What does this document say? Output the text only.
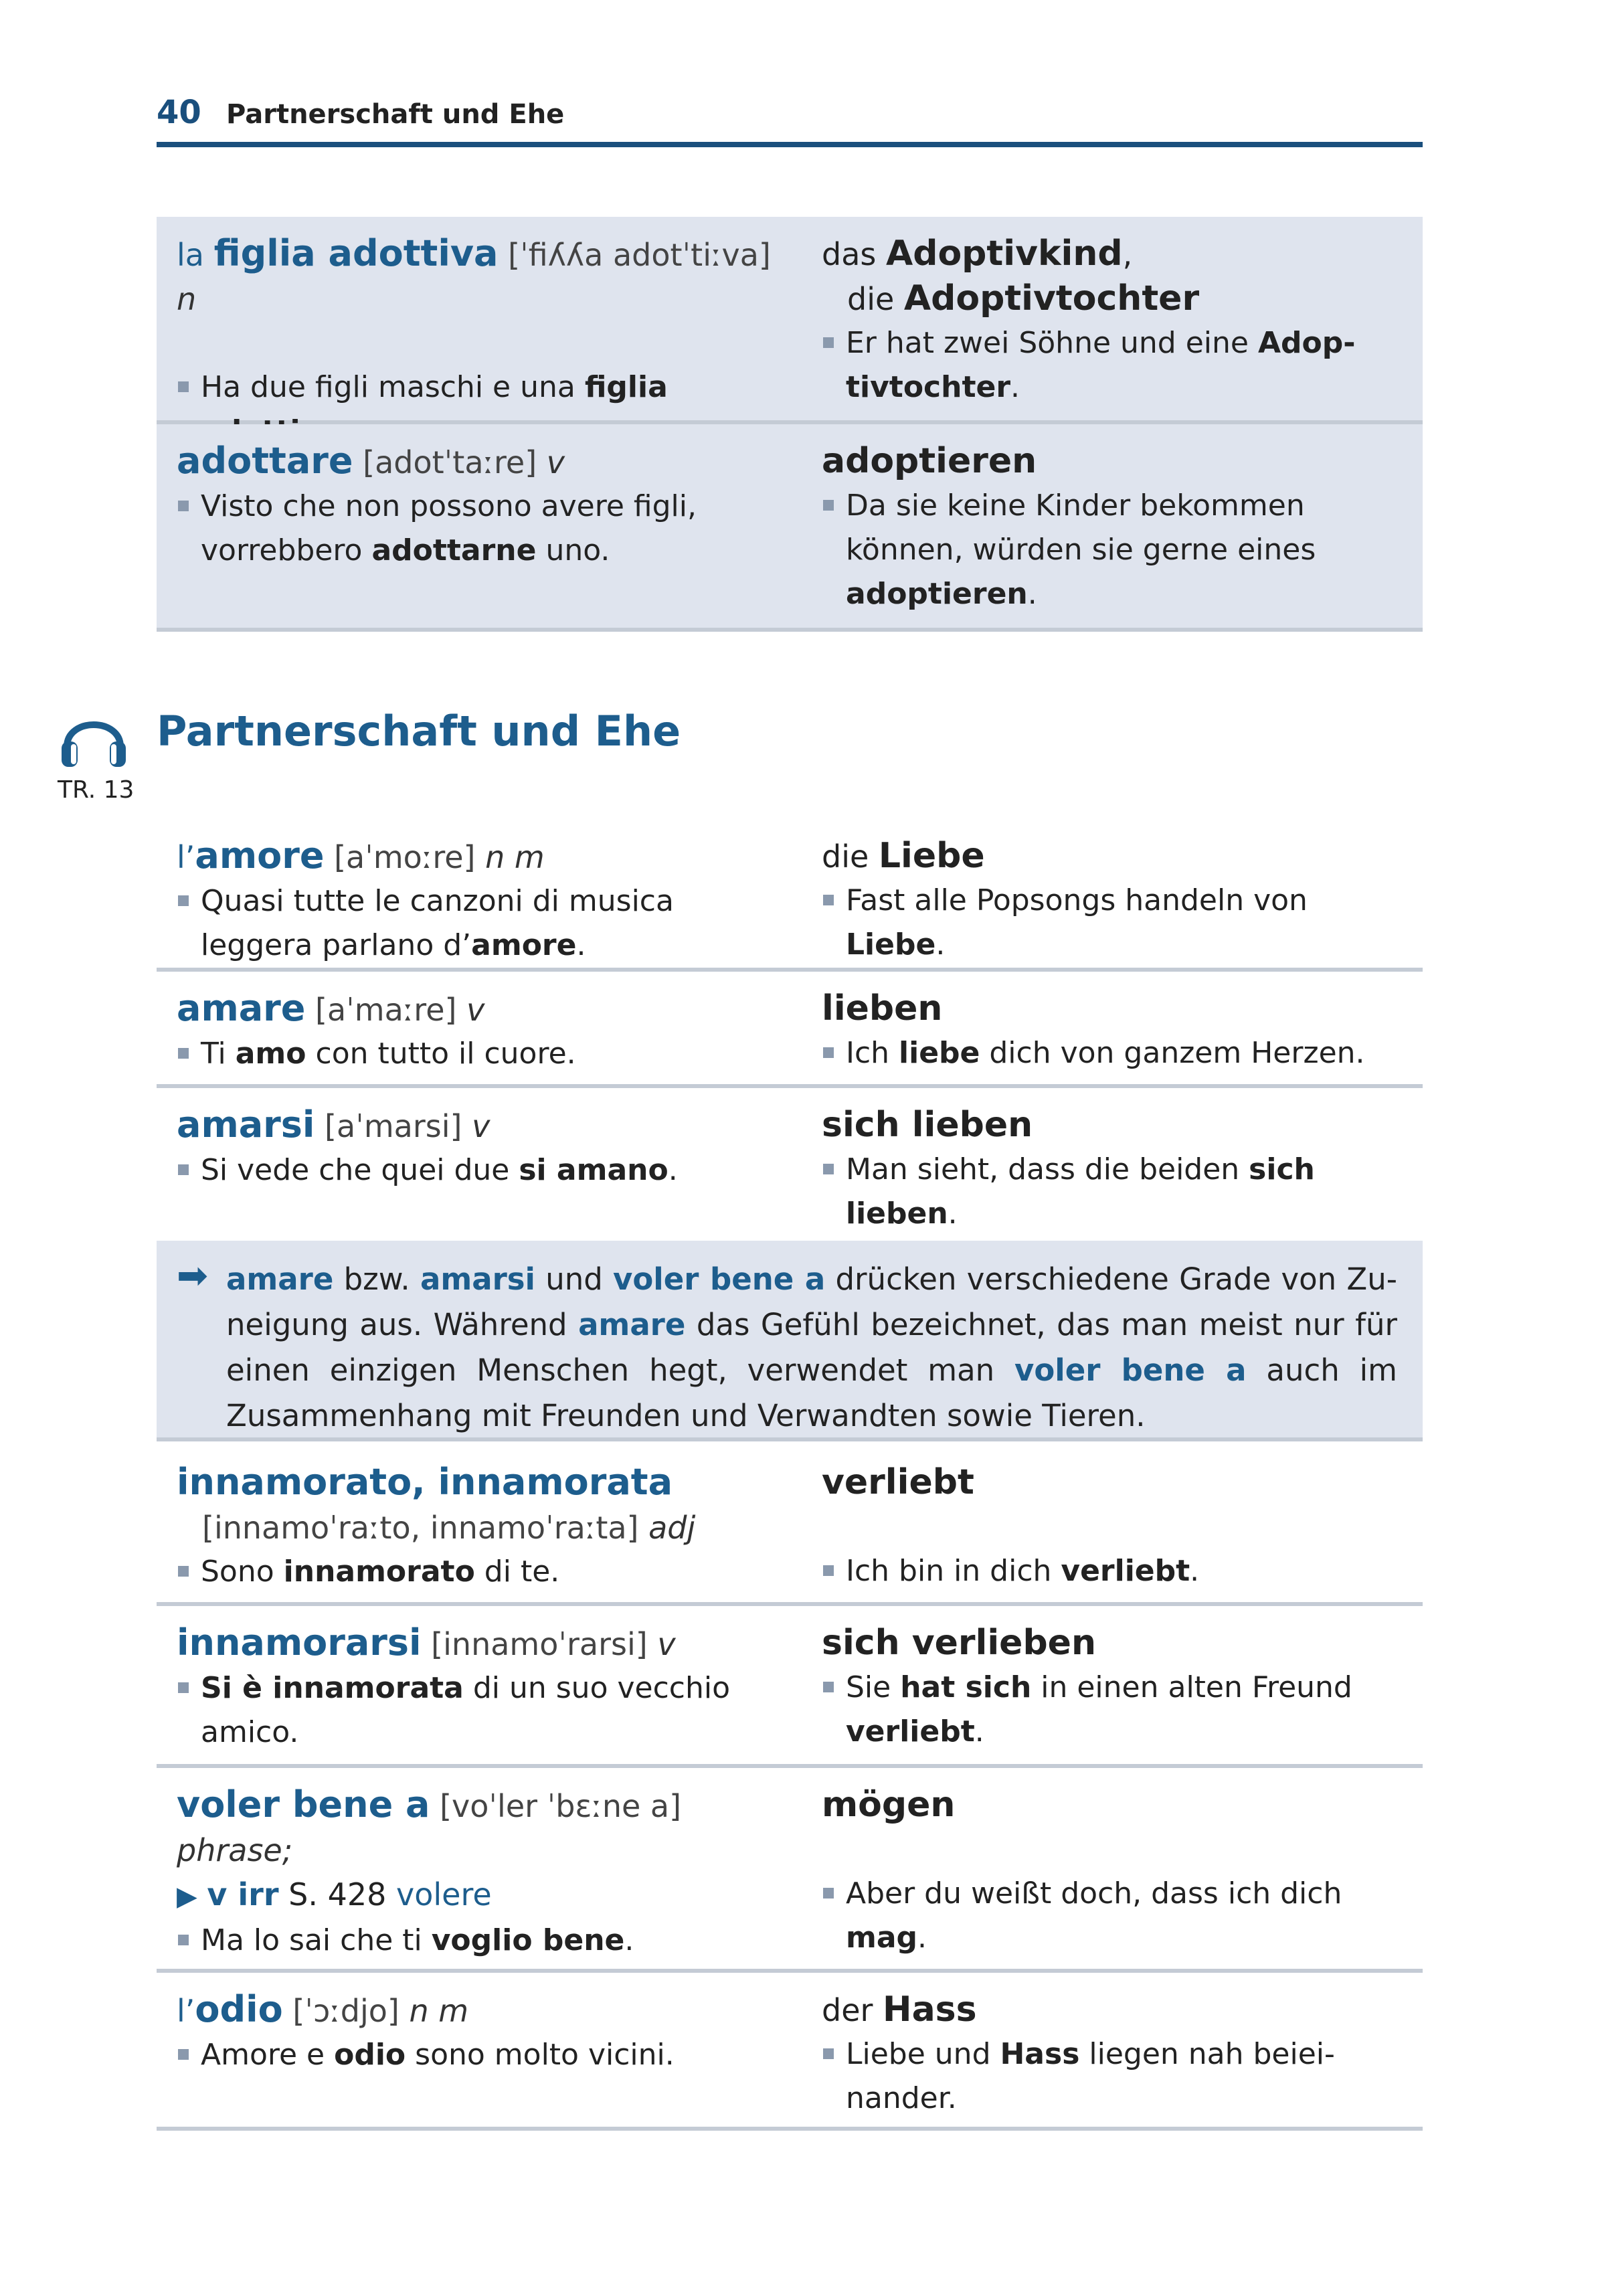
40 Partnerschaft und Ehe
la figlia adottiva [ˈfiʎʎa adotˈtiːva] n
Ha due figli maschi e una figlia
das Adoptivkind,
die Adoptivtochter
Er hat zwei Söhne und eine Adoptivtochter.
adottare [adotˈtaːre] v
Visto che non possono avere figli, vorrebbero adottarne uno.
adoptieren
Da sie keine Kinder bekommen können, würden sie gerne eines adoptieren.
TR. 13
Partnerschaft und Ehe
l’amore [aˈmoːre] n m
Quasi tutte le canzoni di musica leggera parlano d’amore.
die Liebe
Fast alle Popsongs handeln von Liebe.
amare [aˈmaːre] v
Ti amo con tutto il cuore.
lieben
Ich liebe dich von ganzem Herzen.
amarsi [aˈmarsi] v
Si vede che quei due si amano.
sich lieben
Man sieht, dass die beiden sich lieben.
➡ amare bzw. amarsi und voler bene a drücken verschiedene Grade von Zuneigung aus. Während amare das Gefühl bezeichnet, das man meist nur für einen einzigen Menschen hegt, verwendet man voler bene a auch im Zusammenhang mit Freunden und Verwandten sowie Tieren.
innamorato, innamorata
[innamoˈraːto, innamoˈraːta] adj
Sono innamorato di te.
verliebt
Ich bin in dich verliebt.
innamorarsi [innamoˈrarsi] v
Si è innamorata di un suo vecchio amico.
sich verlieben
Sie hat sich in einen alten Freund verliebt.
voler bene a [voˈler ˈbɛːne a] phrase;
▶ v irr S. 428 volere
Ma lo sai che ti voglio bene.
mögen
Aber du weißt doch, dass ich dich mag.
l’odio [ˈɔːdjo] n m
Amore e odio sono molto vicini.
der Hass
Liebe und Hass liegen nah beieinander.
